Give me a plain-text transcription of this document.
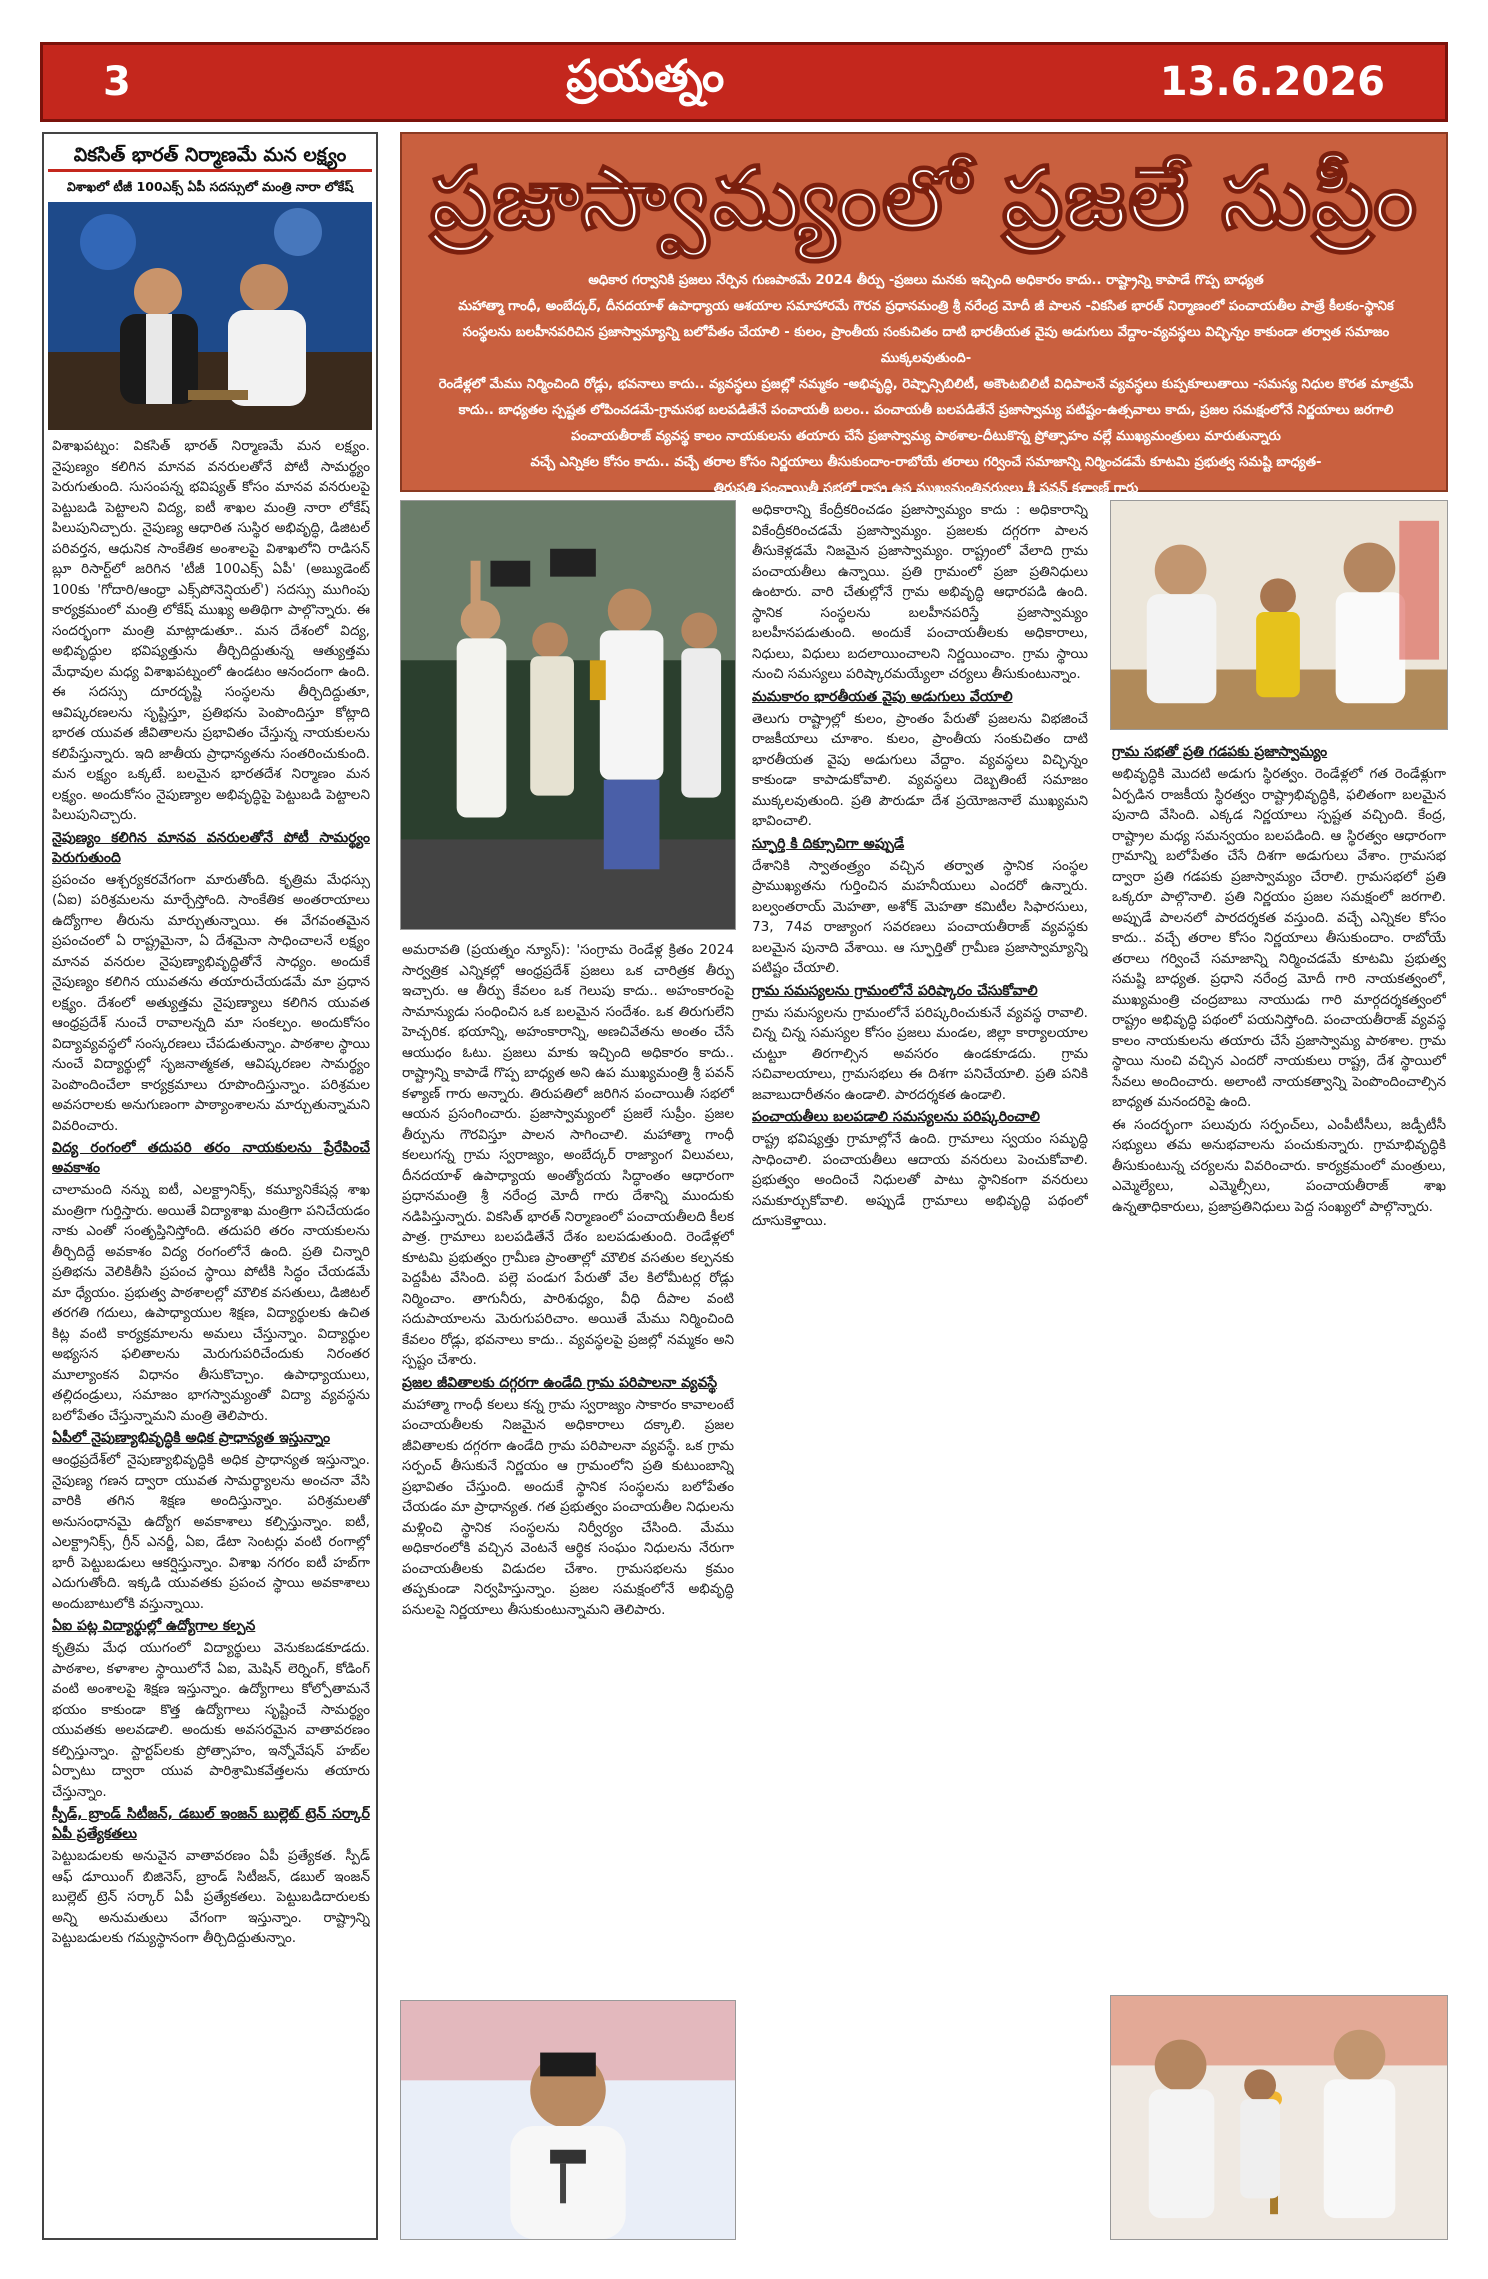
3	ప్రయత్నం	13.6.2026
వికసిత్ భారత్ నిర్మాణమే మన లక్ష్యం
విశాఖలో టీజీ 100ఎక్స్ ఏపీ సదస్సులో మంత్రి నారా లోకేష్

విశాఖపట్నం: వికసిత్ భారత్ నిర్మాణమే మన లక్ష్యం. నైపుణ్యం కలిగిన మానవ వనరులతోనే పోటీ సామర్థ్యం పెరుగుతుంది. సుసంపన్న భవిష్యత్ కోసం మానవ వనరులపై పెట్టుబడి పెట్టాలని విద్య, ఐటీ శాఖల మంత్రి నారా లోకేష్ పిలుపునిచ్చారు. నైపుణ్య ఆధారిత సుస్థిర అభివృద్ధి, డిజిటల్ పరివర్తన, ఆధునిక సాంకేతిక అంశాలపై విశాఖలోని రాడిసన్ బ్లూ రిసార్ట్‌లో జరిగిన 'టీజీ 100ఎక్స్ ఏపీ' (అబ్యుడెంట్ 100కు 'గోదారి/ఆంధ్రా ఎక్స్‌పోనెన్షియల్') సదస్సు ముగింపు కార్యక్రమంలో మంత్రి లోకేష్ ముఖ్య అతిథిగా పాల్గొన్నారు. ఈ సందర్భంగా మంత్రి మాట్లాడుతూ.. మన దేశంలో విద్య, అభివృద్ధుల భవిష్యత్తును తీర్చిదిద్దుతున్న ఆత్యుత్తమ మేధావుల మధ్య విశాఖపట్నంలో ఉండటం ఆనందంగా ఉంది. ఈ సదస్సు దూరదృష్టి సంస్థలను తీర్చిదిద్దుతూ, ఆవిష్కరణలను సృష్టిస్తూ, ప్రతిభను పెంపొందిస్తూ కోట్లాది భారత యువత జీవితాలను ప్రభావితం చేస్తున్న నాయకులను కలిపేస్తున్నారు. ఇది జాతీయ ప్రాధాన్యతను సంతరించుకుంది. మన లక్ష్యం ఒక్కటే. బలమైన భారతదేశ నిర్మాణం మన లక్ష్యం. అందుకోసం నైపుణ్యాల అభివృద్ధిపై పెట్టుబడి పెట్టాలని పిలుపునిచ్చారు.

నైపుణ్యం కలిగిన మానవ వనరులతోనే పోటీ సామర్థ్యం పెరుగుతుంది

ప్రపంచం ఆశ్చర్యకరవేగంగా మారుతోంది. కృత్రిమ మేధస్సు (ఏఐ) పరిశ్రమలను మార్చేస్తోంది. సాంకేతిక అంతరాయాలు ఉద్యోగాల తీరును మార్చుతున్నాయి. ఈ వేగవంతమైన ప్రపంచంలో ఏ రాష్ట్రమైనా, ఏ దేశమైనా సాధించాలనే లక్ష్యం మానవ వనరుల నైపుణ్యాభివృద్ధితోనే సాధ్యం. అందుకే నైపుణ్యం కలిగిన యువతను తయారుచేయడమే మా ప్రధాన లక్ష్యం. దేశంలో అత్యుత్తమ నైపుణ్యాలు కలిగిన యువత ఆంధ్రప్రదేశ్ నుంచే రావాలన్నది మా సంకల్పం. అందుకోసం విద్యావ్యవస్థలో సంస్కరణలు చేపడుతున్నాం. పాఠశాల స్థాయి నుంచే విద్యార్థుల్లో సృజనాత్మకత, ఆవిష్కరణల సామర్థ్యం పెంపొందించేలా కార్యక్రమాలు రూపొందిస్తున్నాం. పరిశ్రమల అవసరాలకు అనుగుణంగా పాఠ్యాంశాలను మార్చుతున్నామని వివరించారు.

విద్య రంగంలో తదుపరి తరం నాయకులను ప్రేరేపించే అవకాశం

చాలామంది నన్ను ఐటీ, ఎలక్ట్రానిక్స్, కమ్యూనికేషన్ల శాఖ మంత్రిగా గుర్తిస్తారు. అయితే విద్యాశాఖ మంత్రిగా పనిచేయడం నాకు ఎంతో సంతృప్తినిస్తోంది. తదుపరి తరం నాయకులను తీర్చిదిద్దే అవకాశం విద్య రంగంలోనే ఉంది. ప్రతి చిన్నారి ప్రతిభను వెలికితీసి ప్రపంచ స్థాయి పోటీకి సిద్ధం చేయడమే మా ధ్యేయం. ప్రభుత్వ పాఠశాలల్లో మౌలిక వసతులు, డిజిటల్ తరగతి గదులు, ఉపాధ్యాయుల శిక్షణ, విద్యార్థులకు ఉచిత కిట్ల వంటి కార్యక్రమాలను అమలు చేస్తున్నాం. విద్యార్థుల అభ్యసన ఫలితాలను మెరుగుపరిచేందుకు నిరంతర మూల్యాంకన విధానం తీసుకొచ్చాం. ఉపాధ్యాయులు, తల్లిదండ్రులు, సమాజం భాగస్వామ్యంతో విద్యా వ్యవస్థను బలోపేతం చేస్తున్నామని మంత్రి తెలిపారు.

ఏపీలో నైపుణ్యాభివృద్ధికి అధిక ప్రాధాన్యత ఇస్తున్నాం

ఆంధ్రప్రదేశ్‌లో నైపుణ్యాభివృద్ధికి అధిక ప్రాధాన్యత ఇస్తున్నాం. నైపుణ్య గణన ద్వారా యువత సామర్థ్యాలను అంచనా వేసి వారికి తగిన శిక్షణ అందిస్తున్నాం. పరిశ్రమలతో అనుసంధానమై ఉద్యోగ అవకాశాలు కల్పిస్తున్నాం. ఐటీ, ఎలక్ట్రానిక్స్, గ్రీన్ ఎనర్జీ, ఏఐ, డేటా సెంటర్లు వంటి రంగాల్లో భారీ పెట్టుబడులు ఆకర్షిస్తున్నాం. విశాఖ నగరం ఐటీ హబ్‌గా ఎదుగుతోంది. ఇక్కడి యువతకు ప్రపంచ స్థాయి అవకాశాలు అందుబాటులోకి వస్తున్నాయి.

ఏఐ పట్ల విద్యార్థుల్లో ఉద్యోగాల కల్పన

కృత్రిమ మేధ యుగంలో విద్యార్థులు వెనుకబడకూడదు. పాఠశాల, కళాశాల స్థాయిలోనే ఏఐ, మెషిన్ లెర్నింగ్, కోడింగ్ వంటి అంశాలపై శిక్షణ ఇస్తున్నాం. ఉద్యోగాలు కోల్పోతామనే భయం కాకుండా కొత్త ఉద్యోగాలు సృష్టించే సామర్థ్యం యువతకు అలవడాలి. అందుకు అవసరమైన వాతావరణం కల్పిస్తున్నాం. స్టార్టప్‌లకు ప్రోత్సాహం, ఇన్నోవేషన్ హబ్‌ల ఏర్పాటు ద్వారా యువ పారిశ్రామికవేత్తలను తయారు చేస్తున్నాం.

స్పీడ్, బ్రాండ్ సిటీజన్, డబుల్ ఇంజన్ బుల్లెట్ ట్రెన్ సర్కార్ ఏపీ ప్రత్యేకతలు

పెట్టుబడులకు అనువైన వాతావరణం ఏపీ ప్రత్యేకత. స్పీడ్ ఆఫ్ డూయింగ్ బిజినెస్, బ్రాండ్ సిటీజన్, డబుల్ ఇంజన్ బుల్లెట్ ట్రెన్ సర్కార్ ఏపీ ప్రత్యేకతలు. పెట్టుబడిదారులకు అన్ని అనుమతులు వేగంగా ఇస్తున్నాం. రాష్ట్రాన్ని పెట్టుబడులకు గమ్యస్థానంగా తీర్చిదిద్దుతున్నాం.

ప్రజాస్వామ్యంలో ప్రజలే సుప్రీం
అధికార గర్వానికి ప్రజలు నేర్పిన గుణపాఠమే 2024 తీర్పు -ప్రజలు మనకు ఇచ్చింది అధికారం కాదు.. రాష్ట్రాన్ని కాపాడే గొప్ప బాధ్యత
మహాత్మా గాంధీ, అంబేద్కర్, దీనదయాళ్ ఉపాధ్యాయ ఆశయాల సమాహారమే గౌరవ ప్రధానమంత్రి శ్రీ నరేంద్ర మోదీ జీ పాలన -వికసిత భారత్ నిర్మాణంలో పంచాయతీల పాత్రే కీలకం-స్థానిక
సంస్థలను బలహీనపరిచిన ప్రజాస్వామ్యాన్ని బలోపేతం చేయాలి - కులం, ప్రాంతీయ సంకుచితం దాటి భారతీయత వైపు అడుగులు వేద్దాం-వ్యవస్థలు విచ్ఛిన్నం కాకుండా తర్వాత సమాజం ముక్కలవుతుంది-
రెండేళ్లలో మేము నిర్మించింది రోడ్లు, భవనాలు కాదు.. వ్యవస్థలు ప్రజల్లో నమ్మకం -అభివృద్ధి, రెష్పాన్సిబిలిటీ, అకౌంటబిలిటీ విధిపాలనే వ్యవస్థలు కుప్పకూలుతాయి -సమస్య నిధుల కొరత మాత్రమే
కాదు.. బాధ్యతల స్పష్టత లోపించడమే-గ్రామసభ బలపడితేనే పంచాయతీ బలం.. పంచాయతీ బలపడితేనే ప్రజాస్వామ్య పటిష్టం-ఉత్సవాలు కాదు, ప్రజల సమక్షంలోనే నిర్ణయాలు జరగాలి
పంచాయతీరాజ్ వ్యవస్థ కాలం నాయకులను తయారు చేసే ప్రజాస్వామ్య పాఠశాల-దీటుకొన్న ప్రోత్సాహం వల్లే ముఖ్యమంత్రులు మారుతున్నారు
వచ్చే ఎన్నికల కోసం కాదు.. వచ్చే తరాల కోసం నిర్ణయాలు తీసుకుందాం-రాబోయే తరాలు గర్వించే సమాజాన్ని నిర్మించడమే కూటమి ప్రభుత్వ సమష్టి బాధ్యత-
తిరుపతి పంచాయితీ సభలో రాష్ట్ర ఉప ముఖ్యమంత్రివర్యులు శ్రీ పవన్ కళ్యాణ్ గారు

అమరావతి (ప్రయత్నం న్యూస్): 'సంగ్రామ రెండేళ్ల క్రితం 2024 సార్వత్రిక ఎన్నికల్లో ఆంధ్రప్రదేశ్ ప్రజలు ఒక చారిత్రక తీర్పు ఇచ్చారు. ఆ తీర్పు కేవలం ఒక గెలుపు కాదు.. అహంకారంపై సామాన్యుడు సంధించిన ఒక బలమైన సందేశం. ఒక తిరుగులేని హెచ్చరిక. భయాన్ని, అహంకారాన్ని, అణచివేతను అంతం చేసే ఆయుధం ఓటు. ప్రజలు మాకు ఇచ్చింది అధికారం కాదు.. రాష్ట్రాన్ని కాపాడే గొప్ప బాధ్యత అని ఉప ముఖ్యమంత్రి శ్రీ పవన్ కళ్యాణ్ గారు అన్నారు. తిరుపతిలో జరిగిన పంచాయితీ సభలో ఆయన ప్రసంగించారు. ప్రజాస్వామ్యంలో ప్రజలే సుప్రీం. ప్రజల తీర్పును గౌరవిస్తూ పాలన సాగించాలి. మహాత్మా గాంధీ కలలుగన్న గ్రామ స్వరాజ్యం, అంబేద్కర్ రాజ్యాంగ విలువలు, దీనదయాళ్ ఉపాధ్యాయ అంత్యోదయ సిద్ధాంతం ఆధారంగా ప్రధానమంత్రి శ్రీ నరేంద్ర మోదీ గారు దేశాన్ని ముందుకు నడిపిస్తున్నారు. వికసిత్ భారత్ నిర్మాణంలో పంచాయతీలది కీలక పాత్ర. గ్రామాలు బలపడితేనే దేశం బలపడుతుంది. రెండేళ్లలో కూటమి ప్రభుత్వం గ్రామీణ ప్రాంతాల్లో మౌలిక వసతుల కల్పనకు పెద్దపీట వేసింది. పల్లె పండుగ పేరుతో వేల కిలోమీటర్ల రోడ్లు నిర్మించాం. తాగునీరు, పారిశుధ్యం, వీధి దీపాల వంటి సదుపాయాలను మెరుగుపరిచాం. అయితే మేము నిర్మించింది కేవలం రోడ్లు, భవనాలు కాదు.. వ్యవస్థలపై ప్రజల్లో నమ్మకం అని స్పష్టం చేశారు.

ప్రజల జీవితాలకు దగ్గరగా ఉండేది గ్రామ పరిపాలనా వ్యవస్థే

మహాత్మా గాంధీ కలలు కన్న గ్రామ స్వరాజ్యం సాకారం కావాలంటే పంచాయతీలకు నిజమైన అధికారాలు దక్కాలి. ప్రజల జీవితాలకు దగ్గరగా ఉండేది గ్రామ పరిపాలనా వ్యవస్థే. ఒక గ్రామ సర్పంచ్ తీసుకునే నిర్ణయం ఆ గ్రామంలోని ప్రతి కుటుంబాన్ని ప్రభావితం చేస్తుంది. అందుకే స్థానిక సంస్థలను బలోపేతం చేయడం మా ప్రాధాన్యత. గత ప్రభుత్వం పంచాయతీల నిధులను మళ్లించి స్థానిక సంస్థలను నిర్వీర్యం చేసింది. మేము అధికారంలోకి వచ్చిన వెంటనే ఆర్థిక సంఘం నిధులను నేరుగా పంచాయతీలకు విడుదల చేశాం. గ్రామసభలను క్రమం తప్పకుండా నిర్వహిస్తున్నాం. ప్రజల సమక్షంలోనే అభివృద్ధి పనులపై నిర్ణయాలు తీసుకుంటున్నామని తెలిపారు.

అధికారాన్ని కేంద్రీకరించడం ప్రజాస్వామ్యం కాదు : అధికారాన్ని వికేంద్రీకరించడమే ప్రజాస్వామ్యం. ప్రజలకు దగ్గరగా పాలన తీసుకెళ్లడమే నిజమైన ప్రజాస్వామ్యం. రాష్ట్రంలో వేలాది గ్రామ పంచాయతీలు ఉన్నాయి. ప్రతి గ్రామంలో ప్రజా ప్రతినిధులు ఉంటారు. వారి చేతుల్లోనే గ్రామ అభివృద్ధి ఆధారపడి ఉంది. స్థానిక సంస్థలను బలహీనపరిస్తే ప్రజాస్వామ్యం బలహీనపడుతుంది. అందుకే పంచాయతీలకు అధికారాలు, నిధులు, విధులు బదలాయించాలని నిర్ణయించాం. గ్రామ స్థాయి నుంచి సమస్యలు పరిష్కారమయ్యేలా చర్యలు తీసుకుంటున్నాం.

మమకారం భారతీయత వైపు అడుగులు వేయాలి

తెలుగు రాష్ట్రాల్లో కులం, ప్రాంతం పేరుతో ప్రజలను విభజించే రాజకీయాలు చూశాం. కులం, ప్రాంతీయ సంకుచితం దాటి భారతీయత వైపు అడుగులు వేద్దాం. వ్యవస్థలు విచ్ఛిన్నం కాకుండా కాపాడుకోవాలి. వ్యవస్థలు దెబ్బతింటే సమాజం ముక్కలవుతుంది. ప్రతి పౌరుడూ దేశ ప్రయోజనాలే ముఖ్యమని భావించాలి.

స్ఫూర్తి కి దిక్సూచిగా అప్పుడే

దేశానికి స్వాతంత్ర్యం వచ్చిన తర్వాత స్థానిక సంస్థల ప్రాముఖ్యతను గుర్తించిన మహనీయులు ఎందరో ఉన్నారు. బల్వంతరాయ్ మెహతా, అశోక్ మెహతా కమిటీల సిఫారసులు, 73, 74వ రాజ్యాంగ సవరణలు పంచాయతీరాజ్ వ్యవస్థకు బలమైన పునాది వేశాయి. ఆ స్ఫూర్తితో గ్రామీణ ప్రజాస్వామ్యాన్ని పటిష్టం చేయాలి.

గ్రామ సమస్యలను గ్రామంలోనే పరిష్కారం చేసుకోవాలి

గ్రామ సమస్యలను గ్రామంలోనే పరిష్కరించుకునే వ్యవస్థ రావాలి. చిన్న చిన్న సమస్యల కోసం ప్రజలు మండల, జిల్లా కార్యాలయాల చుట్టూ తిరగాల్సిన అవసరం ఉండకూడదు. గ్రామ సచివాలయాలు, గ్రామసభలు ఈ దిశగా పనిచేయాలి. ప్రతి పనికి జవాబుదారీతనం ఉండాలి. పారదర్శకత ఉండాలి.

పంచాయతీలు బలపడాలి సమస్యలను పరిష్కరించాలి

రాష్ట్ర భవిష్యత్తు గ్రామాల్లోనే ఉంది. గ్రామాలు స్వయం సమృద్ధి సాధించాలి. పంచాయతీలు ఆదాయ వనరులు పెంచుకోవాలి. ప్రభుత్వం అందించే నిధులతో పాటు స్థానికంగా వనరులు సమకూర్చుకోవాలి. అప్పుడే గ్రామాలు అభివృద్ధి పథంలో దూసుకెళ్తాయి.

గ్రామ సభతో ప్రతి గడపకు ప్రజాస్వామ్యం

అభివృద్ధికి మొదటి అడుగు స్థిరత్వం. రెండేళ్లలో గత రెండేళ్లుగా ఏర్పడిన రాజకీయ స్థిరత్వం రాష్ట్రాభివృద్ధికి, ఫలితంగా బలమైన పునాది వేసింది. ఎక్కడ నిర్ణయాలు స్పష్టత వచ్చింది. కేంద్ర, రాష్ట్రాల మధ్య సమన్వయం బలపడింది. ఆ స్థిరత్వం ఆధారంగా గ్రామాన్ని బలోపేతం చేసే దిశగా అడుగులు వేశాం. గ్రామసభ ద్వారా ప్రతి గడపకు ప్రజాస్వామ్యం చేరాలి. గ్రామసభలో ప్రతి ఒక్కరూ పాల్గొనాలి. ప్రతి నిర్ణయం ప్రజల సమక్షంలో జరగాలి. అప్పుడే పాలనలో పారదర్శకత వస్తుంది. వచ్చే ఎన్నికల కోసం కాదు.. వచ్చే తరాల కోసం నిర్ణయాలు తీసుకుందాం. రాబోయే తరాలు గర్వించే సమాజాన్ని నిర్మించడమే కూటమి ప్రభుత్వ సమష్టి బాధ్యత. ప్రధాని నరేంద్ర మోదీ గారి నాయకత్వంలో, ముఖ్యమంత్రి చంద్రబాబు నాయుడు గారి మార్గదర్శకత్వంలో రాష్ట్రం అభివృద్ధి పథంలో పయనిస్తోంది. పంచాయతీరాజ్ వ్యవస్థ కాలం నాయకులను తయారు చేసే ప్రజాస్వామ్య పాఠశాల. గ్రామ స్థాయి నుంచి వచ్చిన ఎందరో నాయకులు రాష్ట్ర, దేశ స్థాయిలో సేవలు అందించారు. అలాంటి నాయకత్వాన్ని పెంపొందించాల్సిన బాధ్యత మనందరిపై ఉంది.

ఈ సందర్భంగా పలువురు సర్పంచ్‌లు, ఎంపీటీసీలు, జడ్పీటీసీ సభ్యులు తమ అనుభవాలను పంచుకున్నారు. గ్రామాభివృద్ధికి తీసుకుంటున్న చర్యలను వివరించారు. కార్యక్రమంలో మంత్రులు, ఎమ్మెల్యేలు, ఎమ్మెల్సీలు, పంచాయతీరాజ్ శాఖ ఉన్నతాధికారులు, ప్రజాప్రతినిధులు పెద్ద సంఖ్యలో పాల్గొన్నారు.
